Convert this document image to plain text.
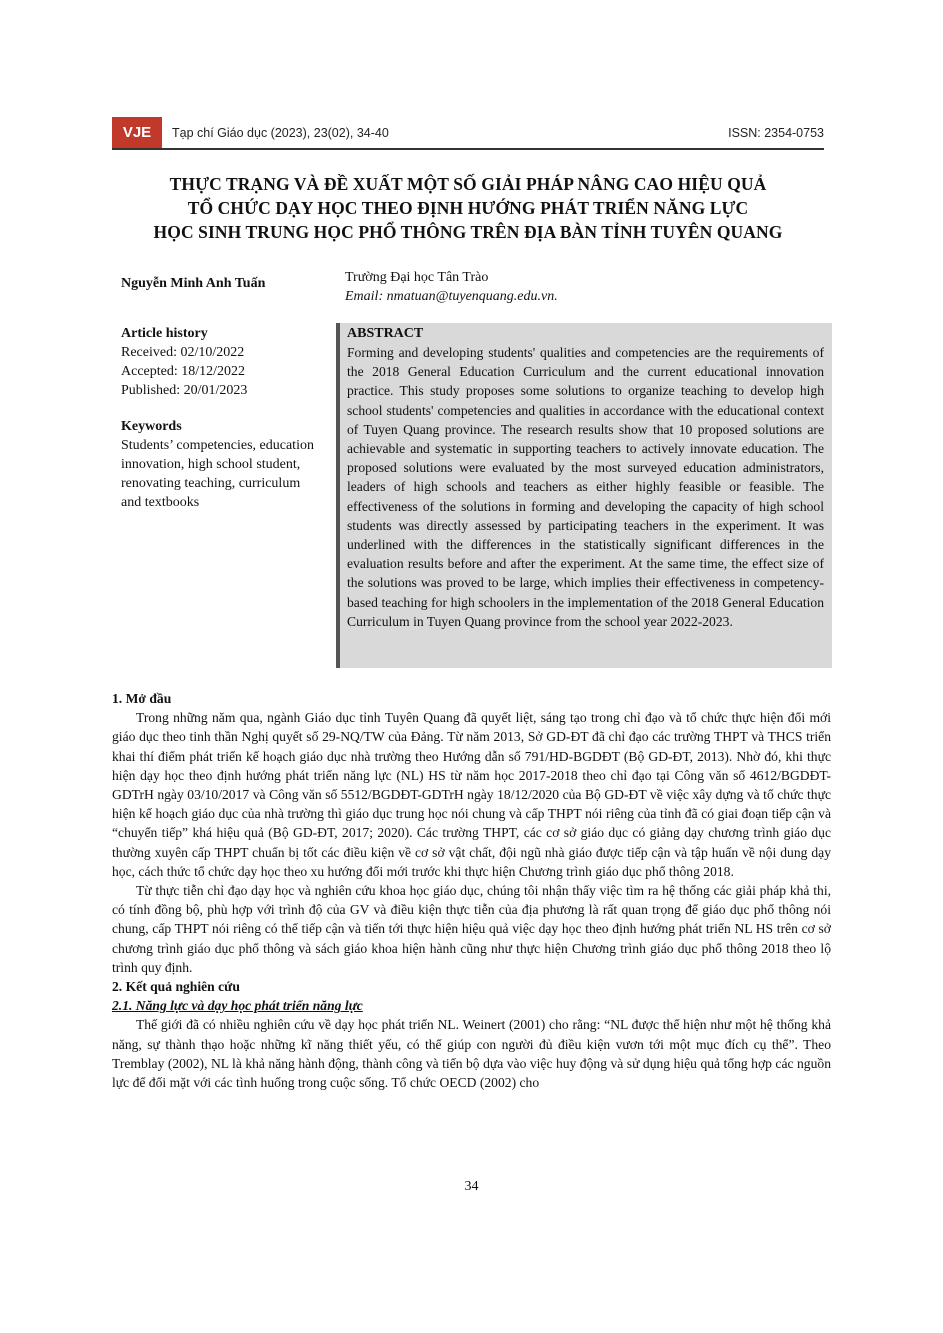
VJE	Tạp chí Giáo dục (2023), 23(02), 34-40	ISSN: 2354-0753
THỰC TRẠNG VÀ ĐỀ XUẤT MỘT SỐ GIẢI PHÁP NÂNG CAO HIỆU QUẢ
TỔ CHỨC DẠY HỌC THEO ĐỊNH HƯỚNG PHÁT TRIỂN NĂNG LỰC
HỌC SINH TRUNG HỌC PHỔ THÔNG TRÊN ĐỊA BÀN TỈNH TUYÊN QUANG
Nguyễn Minh Anh Tuấn	Trường Đại học Tân Trào
Email: nmatuan@tuyenquang.edu.vn.
Article history
Received: 02/10/2022
Accepted: 18/12/2022
Published: 20/01/2023
Keywords
Students’ competencies, education innovation, high school student, renovating teaching, curriculum and textbooks
ABSTRACT
Forming and developing students' qualities and competencies are the requirements of the 2018 General Education Curriculum and the current educational innovation practice. This study proposes some solutions to organize teaching to develop high school students' competencies and qualities in accordance with the educational context of Tuyen Quang province. The research results show that 10 proposed solutions are achievable and systematic in supporting teachers to actively innovate education. The proposed solutions were evaluated by the most surveyed education administrators, leaders of high schools and teachers as either highly feasible or feasible. The effectiveness of the solutions in forming and developing the capacity of high school students was directly assessed by participating teachers in the experiment. It was underlined with the differences in the statistically significant differences in the evaluation results before and after the experiment. At the same time, the effect size of the solutions was proved to be large, which implies their effectiveness in competency-based teaching for high schoolers in the implementation of the 2018 General Education Curriculum in Tuyen Quang province from the school year 2022-2023.

1. Mở đầu

Trong những năm qua, ngành Giáo dục tỉnh Tuyên Quang đã quyết liệt, sáng tạo trong chỉ đạo và tổ chức thực hiện đổi mới giáo dục theo tinh thần Nghị quyết số 29-NQ/TW của Đảng. Từ năm 2013, Sở GD-ĐT đã chỉ đạo các trường THPT và THCS triển khai thí điểm phát triển kế hoạch giáo dục nhà trường theo Hướng dẫn số 791/HD-BGDĐT (Bộ GD-ĐT, 2013). Nhờ đó, khi thực hiện dạy học theo định hướng phát triển năng lực (NL) HS từ năm học 2017-2018 theo chỉ đạo tại Công văn số 4612/BGDĐT-GDTrH ngày 03/10/2017 và Công văn số 5512/BGDĐT-GDTrH ngày 18/12/2020 của Bộ GD-ĐT về việc xây dựng và tổ chức thực hiện kế hoạch giáo dục của nhà trường thì giáo dục trung học nói chung và cấp THPT nói riêng của tỉnh đã có giai đoạn tiếp cận và “chuyển tiếp” khá hiệu quả (Bộ GD-ĐT, 2017; 2020). Các trường THPT, các cơ sở giáo dục có giảng dạy chương trình giáo dục thường xuyên cấp THPT chuẩn bị tốt các điều kiện về cơ sở vật chất, đội ngũ nhà giáo được tiếp cận và tập huấn về nội dung dạy học, cách thức tổ chức dạy học theo xu hướng đổi mới trước khi thực hiện Chương trình giáo dục phổ thông 2018.

Từ thực tiễn chỉ đạo dạy học và nghiên cứu khoa học giáo dục, chúng tôi nhận thấy việc tìm ra hệ thống các giải pháp khả thi, có tính đồng bộ, phù hợp với trình độ của GV và điều kiện thực tiễn của địa phương là rất quan trọng để giáo dục phổ thông nói chung, cấp THPT nói riêng có thể tiếp cận và tiến tới thực hiện hiệu quả việc dạy học theo định hướng phát triển NL HS trên cơ sở chương trình giáo dục phổ thông và sách giáo khoa hiện hành cũng như thực hiện Chương trình giáo dục phổ thông 2018 theo lộ trình quy định.

2. Kết quả nghiên cứu

2.1. Năng lực và dạy học phát triển năng lực

Thế giới đã có nhiều nghiên cứu về dạy học phát triển NL. Weinert (2001) cho rằng: “NL được thể hiện như một hệ thống khả năng, sự thành thạo hoặc những kĩ năng thiết yếu, có thể giúp con người đủ điều kiện vươn tới một mục đích cụ thể”. Theo Tremblay (2002), NL là khả năng hành động, thành công và tiến bộ dựa vào việc huy động và sử dụng hiệu quả tổng hợp các nguồn lực để đối mặt với các tình huống trong cuộc sống. Tổ chức OECD (2002) cho

34
